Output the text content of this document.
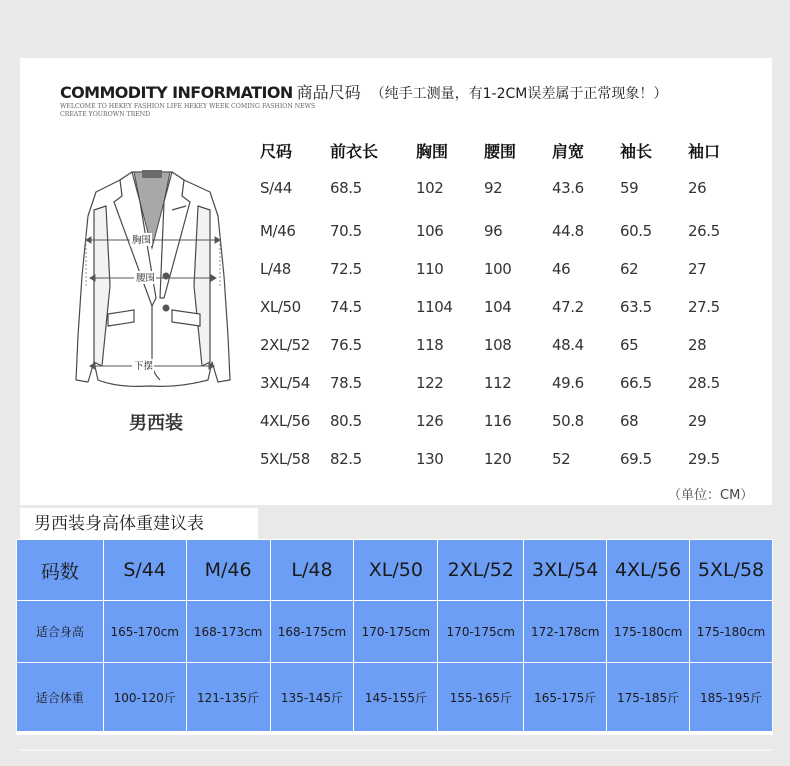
COMMODITY INFORMATION 商品尺码 （纯手工测量，有1-2CM误差属于正常现象！）
WELCOME TO HEKEY FASHION LIFE HEKEY WEEK COMING FASHION NEWS
CREATE YOUROWN TREND
胸围
腰围
下摆
男西装
尺码	前衣长	胸围	腰围	肩宽	袖长	袖口
S/44	68.5	102	92	43.6	59	26
M/46	70.5	106	96	44.8	60.5	26.5
L/48	72.5	110	100	46	62	27
XL/50	74.5	1104	104	47.2	63.5	27.5
2XL/52	76.5	118	108	48.4	65	28
3XL/54	78.5	122	112	49.6	66.5	28.5
4XL/56	80.5	126	116	50.8	68	29
5XL/58	82.5	130	120	52	69.5	29.5
（单位：CM）
男西装身高体重建议表
码数	S/44	M/46	L/48	XL/50	2XL/52	3XL/54	4XL/56	5XL/58
适合身高	165-170cm	168-173cm	168-175cm	170-175cm	170-175cm	172-178cm	175-180cm	175-180cm
适合体重	100-120斤	121-135斤	135-145斤	145-155斤	155-165斤	165-175斤	175-185斤	185-195斤
